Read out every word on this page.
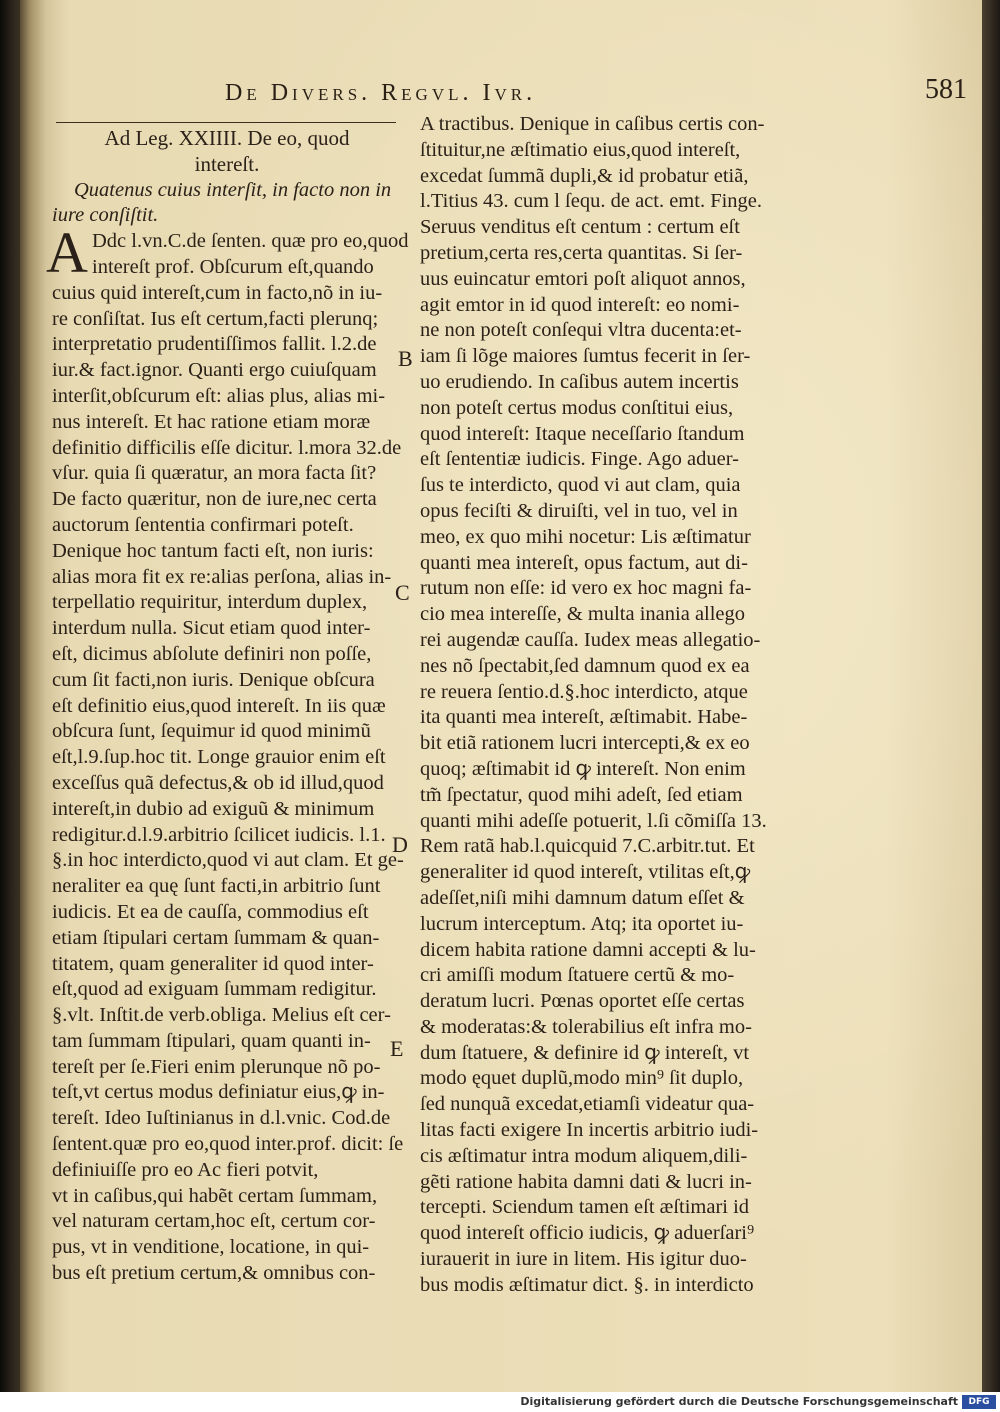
De Divers. Regvl. Ivr.	581
A
Ad Leg. XXIIII. De eo, quod
intereſt.
Quatenus cuius interſit, in facto non in
iure conſiſtit.
Ddc l.vn.C.de ſenten. quæ pro eo,quod
intereſt prof. Obſcurum eſt,quando
cuius quid intereſt,cum in facto,nõ in iu-
re conſiſtat. Ius eſt certum,facti plerunq;
interpretatio prudentiſſimos fallit. l.2.de
iur.& fact.ignor. Quanti ergo cuiuſquam
interſit,obſcurum eſt: alias plus, alias mi-
nus intereſt. Et hac ratione etiam moræ
definitio difficilis eſſe dicitur. l.mora 32.de
vſur. quia ſi quæratur, an mora facta ſit?
De facto quæritur, non de iure,nec certa
auctorum ſententia confirmari poteſt.
Denique hoc tantum facti eſt, non iuris:
alias mora fit ex re:alias perſona, alias in-
terpellatio requiritur, interdum duplex,
interdum nulla. Sicut etiam quod inter-
eſt, dicimus abſolute definiri non poſſe,
cum ſit facti,non iuris. Denique obſcura
eſt definitio eius,quod intereſt. In iis quæ
obſcura ſunt, ſequimur id quod minimũ
eſt,l.9.ſup.hoc tit. Longe grauior enim eſt
exceſſus quã defectus,& ob id illud,quod
intereſt,in dubio ad exiguũ & minimum
redigitur.d.l.9.arbitrio ſcilicet iudicis. l.1.
§.in hoc interdicto,quod vi aut clam. Et ge-
neraliter ea quę ſunt facti,in arbitrio ſunt
iudicis. Et ea de cauſſa, commodius eſt
etiam ſtipulari certam ſummam & quan-
titatem, quam generaliter id quod inter-
eſt,quod ad exiguam ſummam redigitur.
§.vlt. Inſtit.de verb.obliga. Melius eſt cer-
tam ſummam ſtipulari, quam quanti in-
tereſt per ſe.Fieri enim plerunque nõ po-
teſt,vt certus modus definiatur eius,ꝙ in-
tereſt. Ideo Iuſtinianus in d.l.vnic. Cod.de
ſentent.quæ pro eo,quod inter.prof. dicit: ſe
definiuiſſe pro eo Ac fieri potvit,
vt in caſibus,qui habẽt certam ſummam,
vel naturam certam,hoc eſt, certum cor-
pus, vt in venditione, locatione, in qui-
bus eſt pretium certum,& omnibus con-
A tractibus. Denique in caſibus certis con-
ſtituitur,ne æſtimatio eius,quod intereſt,
excedat ſummã dupli,& id probatur etiã,
l.Titius 43. cum l ſequ. de act. emt. Finge.
Seruus venditus eſt centum : certum eſt
pretium,certa res,certa quantitas. Si ſer-
uus euincatur emtori poſt aliquot annos,
agit emtor in id quod intereſt: eo nomi-
ne non poteſt conſequi vltra ducenta:et-
iam ſi lõge maiores ſumtus fecerit in ſer-
uo erudiendo. In caſibus autem incertis
non poteſt certus modus conſtitui eius,
quod intereſt: Itaque neceſſario ſtandum
eſt ſententiæ iudicis. Finge. Ago aduer-
ſus te interdicto, quod vi aut clam, quia
opus feciſti & diruiſti, vel in tuo, vel in
meo, ex quo mihi nocetur: Lis æſtimatur
quanti mea intereſt, opus factum, aut di-
rutum non eſſe: id vero ex hoc magni fa-
cio mea intereſſe, & multa inania allego
rei augendæ cauſſa. Iudex meas allegatio-
nes nõ ſpectabit,ſed damnum quod ex ea
re reuera ſentio.d.§.hoc interdicto, atque
ita quanti mea intereſt, æſtimabit. Habe-
bit etiã rationem lucri intercepti,& ex eo
quoq; æſtimabit id ꝙ intereſt. Non enim
tm̃ ſpectatur, quod mihi adeſt, ſed etiam
quanti mihi adeſſe potuerit, l.ſi cõmiſſa 13.
Rem ratã hab.l.quicquid 7.C.arbitr.tut. Et
generaliter id quod intereſt, vtilitas eſt,ꝙ
adeſſet,niſi mihi damnum datum eſſet &
lucrum interceptum. Atq; ita oportet iu-
dicem habita ratione damni accepti & lu-
cri amiſſi modum ſtatuere certũ & mo-
deratum lucri. Pœnas oportet eſſe certas
& moderatas:& tolerabilius eſt infra mo-
dum ſtatuere, & definire id ꝙ intereſt, vt
modo ęquet duplũ,modo min⁹ ſit duplo,
ſed nunquã excedat,etiamſi videatur qua-
litas facti exigere In incertis arbitrio iudi-
cis æſtimatur intra modum aliquem,dili-
gẽti ratione habita damni dati & lucri in-
tercepti. Sciendum tamen eſt æſtimari id
quod intereſt officio iudicis, ꝙ aduerſari⁹
iurauerit in iure in litem. His igitur duo-
bus modis æſtimatur dict. §. in interdicto
B
C
D
E
Digitalisierung gefördert durch die Deutsche Forschungsgemeinschaft	DFG
